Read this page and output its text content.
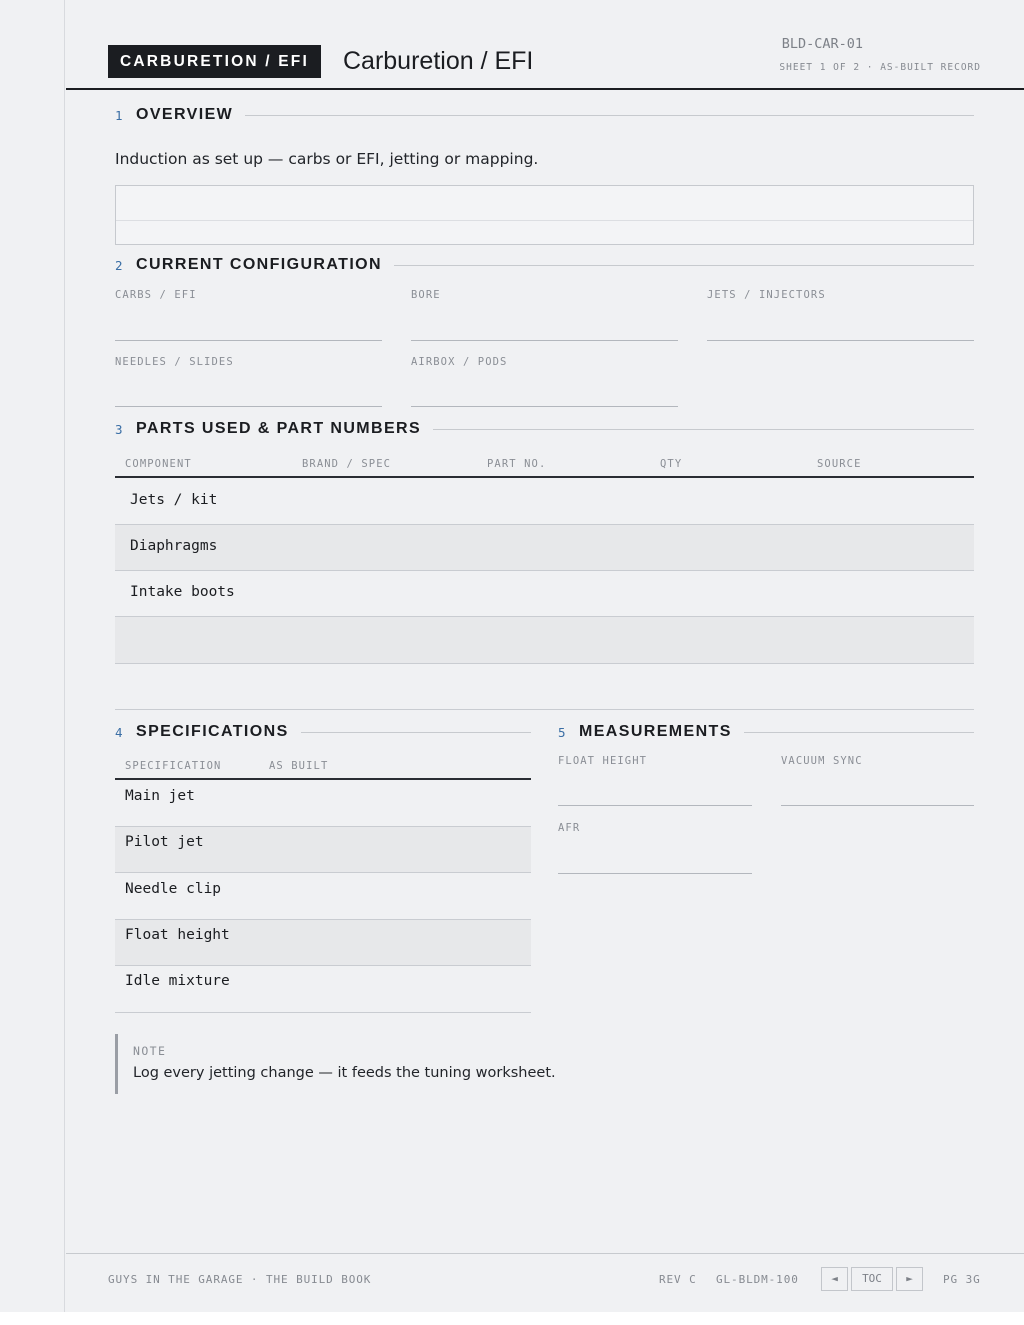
CARBURETION / EFI	Carburetion / EFI
BLD-CAR-01
SHEET 1 OF 2 · AS-BUILT RECORD
1 OVERVIEW
Induction as set up — carbs or EFI, jetting or mapping.
2 CURRENT CONFIGURATION
CARBS / EFI	BORE	JETS / INJECTORS
NEEDLES / SLIDES	AIRBOX / PODS
3 PARTS USED & PART NUMBERS
COMPONENT	BRAND / SPEC	PART NO.	QTY	SOURCE
Jets / kit
Diaphragms
Intake boots
4 SPECIFICATIONS
SPECIFICATION	AS BUILT
Main jet
Pilot jet
Needle clip
Float height
Idle mixture
5 MEASUREMENTS
FLOAT HEIGHT	VACUUM SYNC
AFR
NOTE
Log every jetting change — it feeds the tuning worksheet.
GUYS IN THE GARAGE · THE BUILD BOOK	REV C GL-BLDM-100	◄	TOC	►	PG 3G
